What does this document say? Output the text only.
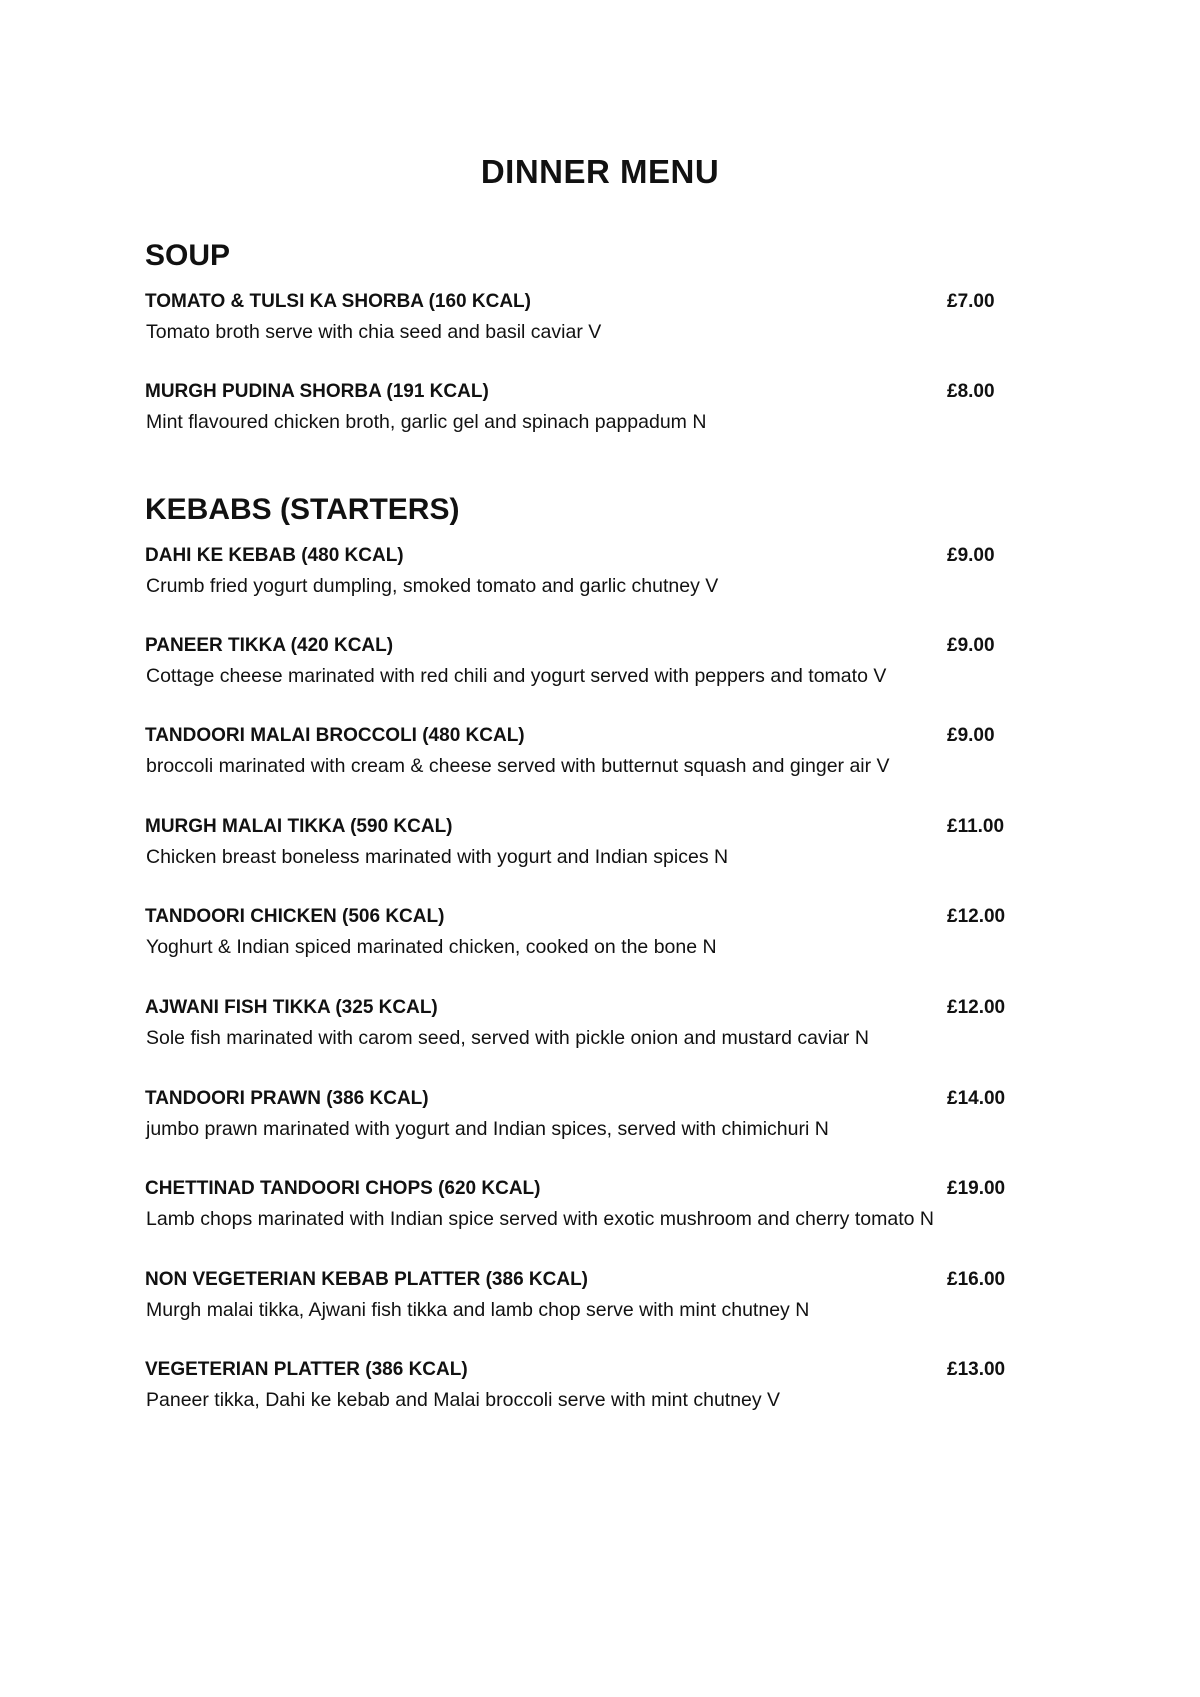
DINNER MENU
SOUP
TOMATO & TULSI KA SHORBA (160 KCAL)	£7.00
Tomato broth serve with chia seed and basil caviar V
MURGH PUDINA SHORBA (191 KCAL)	£8.00
Mint flavoured chicken broth, garlic gel and spinach pappadum N
KEBABS (STARTERS)
DAHI KE KEBAB (480 KCAL)	£9.00
Crumb fried yogurt dumpling, smoked tomato and garlic chutney V
PANEER TIKKA (420 KCAL)	£9.00
Cottage cheese marinated with red chili and yogurt served with peppers and tomato V
TANDOORI MALAI BROCCOLI (480 KCAL)	£9.00
broccoli marinated with cream & cheese served with butternut squash and ginger air V
MURGH MALAI TIKKA (590 KCAL)	£11.00
Chicken breast boneless marinated with yogurt and Indian spices N
TANDOORI CHICKEN (506 KCAL)	£12.00
Yoghurt & Indian spiced marinated chicken, cooked on the bone N
AJWANI FISH TIKKA (325 KCAL)	£12.00
Sole fish marinated with carom seed, served with pickle onion and mustard caviar N
TANDOORI PRAWN (386 KCAL)	£14.00
jumbo prawn marinated with yogurt and Indian spices, served with chimichuri N
CHETTINAD TANDOORI CHOPS (620 KCAL)	£19.00
Lamb chops marinated with Indian spice served with exotic mushroom and cherry tomato N
NON VEGETERIAN KEBAB PLATTER (386 KCAL)	£16.00
Murgh malai tikka, Ajwani fish tikka and lamb chop serve with mint chutney N
VEGETERIAN PLATTER (386 KCAL)	£13.00
Paneer tikka, Dahi ke kebab and Malai broccoli serve with mint chutney V
